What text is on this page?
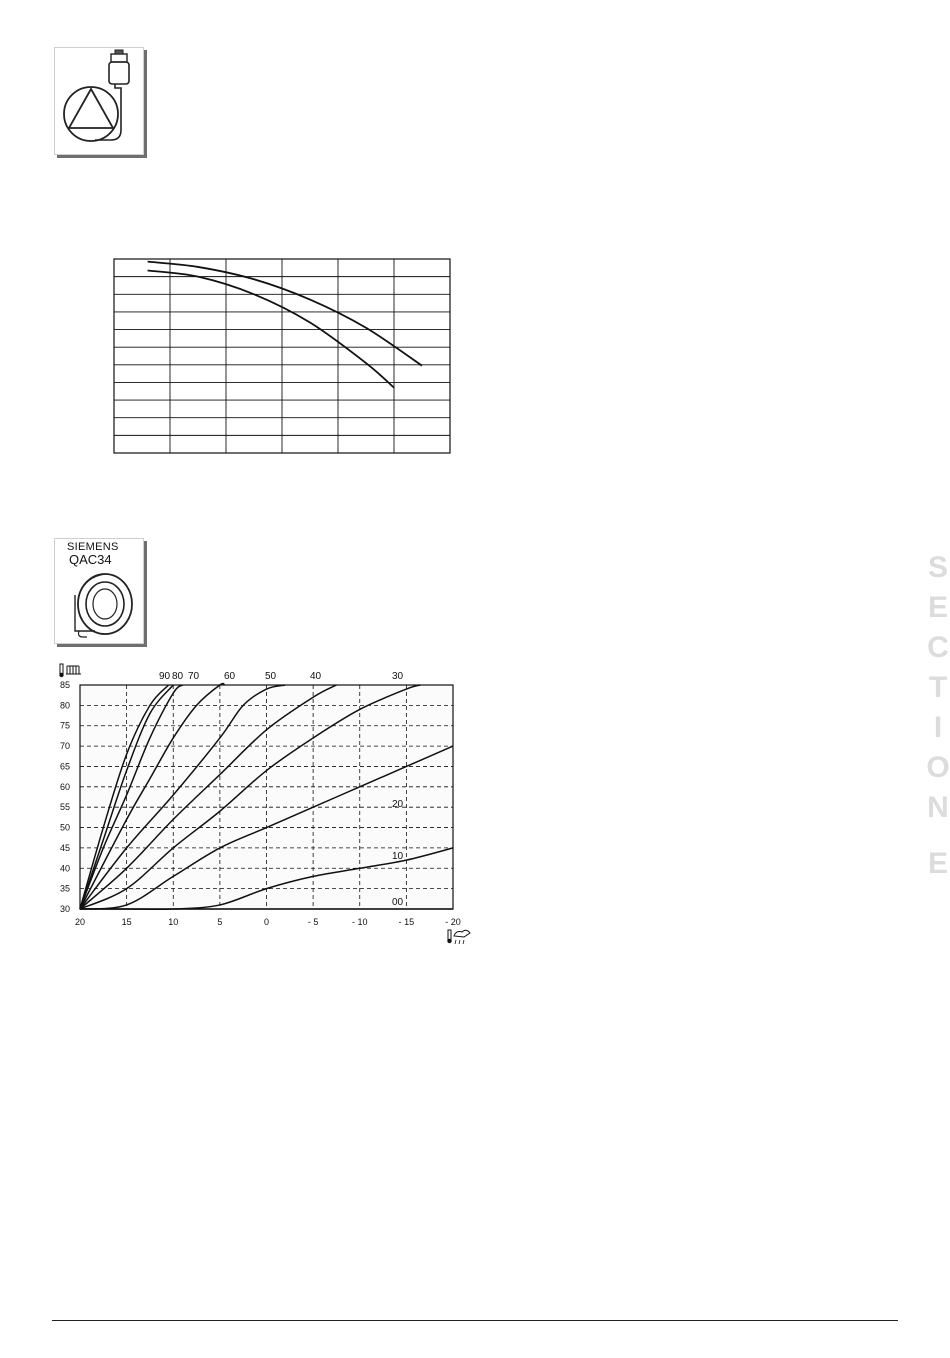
SIEMENS
QAC34
85
80
75
70
65
60
55
50
45
40
35
30
20	15	10	5	0	- 5	- 10	- 15	- 20
90 80 70 60	50	40	30
20
10
00
S
E
C
T
I
O
N

E
